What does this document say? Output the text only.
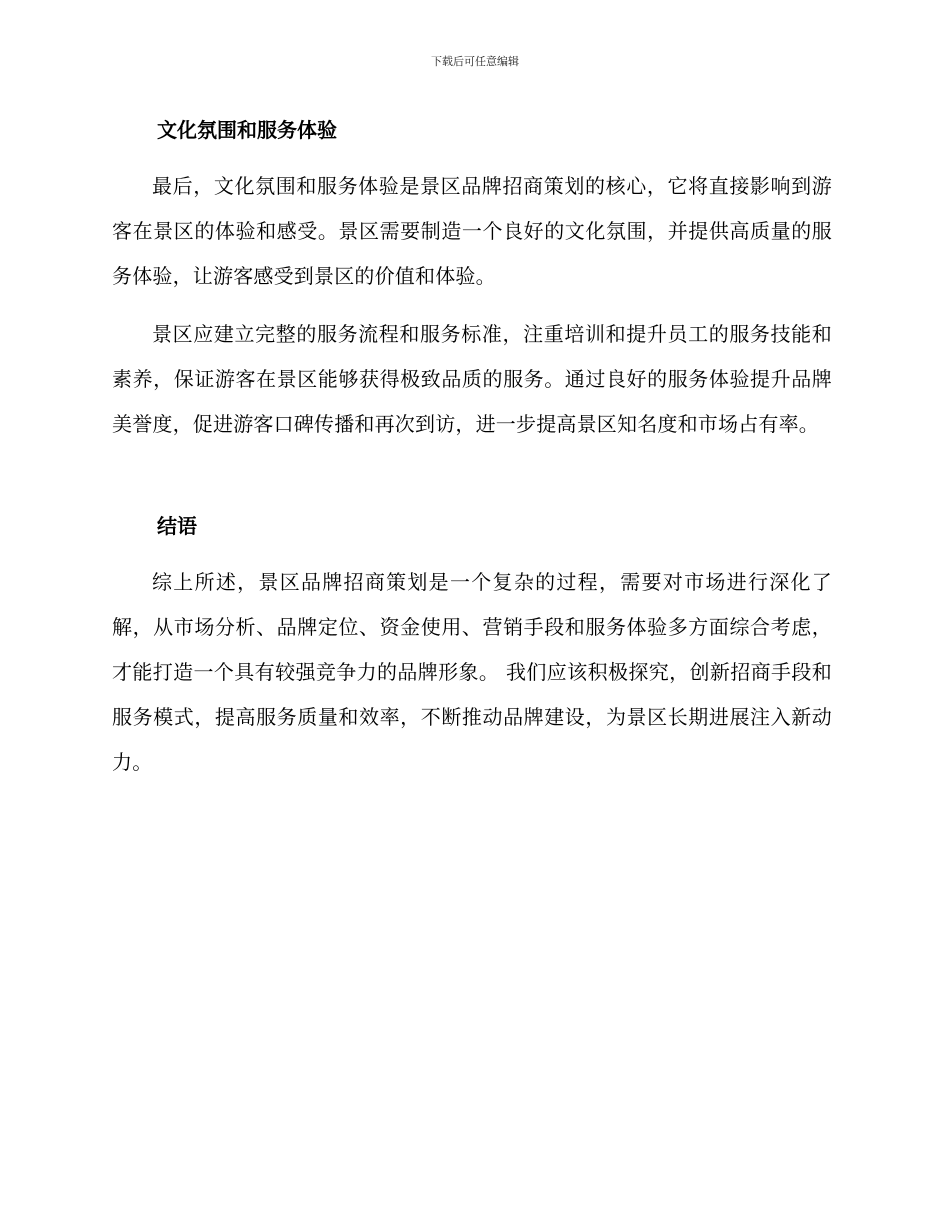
下载后可任意编辑
文化氛围和服务体验

最后，文化氛围和服务体验是景区品牌招商策划的核心，它将直接影响到游客在景区的体验和感受。景区需要制造一个良好的文化氛围，并提供高质量的服务体验，让游客感受到景区的价值和体验。

景区应建立完整的服务流程和服务标准，注重培训和提升员工的服务技能和素养，保证游客在景区能够获得极致品质的服务。通过良好的服务体验提升品牌美誉度，促进游客口碑传播和再次到访，进一步提高景区知名度和市场占有率。

结语

综上所述，景区品牌招商策划是一个复杂的过程，需要对市场进行深化了解，从市场分析、品牌定位、资金使用、营销手段和服务体验多方面综合考虑，才能打造一个具有较强竞争力的品牌形象。 我们应该积极探究，创新招商手段和服务模式，提高服务质量和效率，不断推动品牌建设，为景区长期进展注入新动力。
